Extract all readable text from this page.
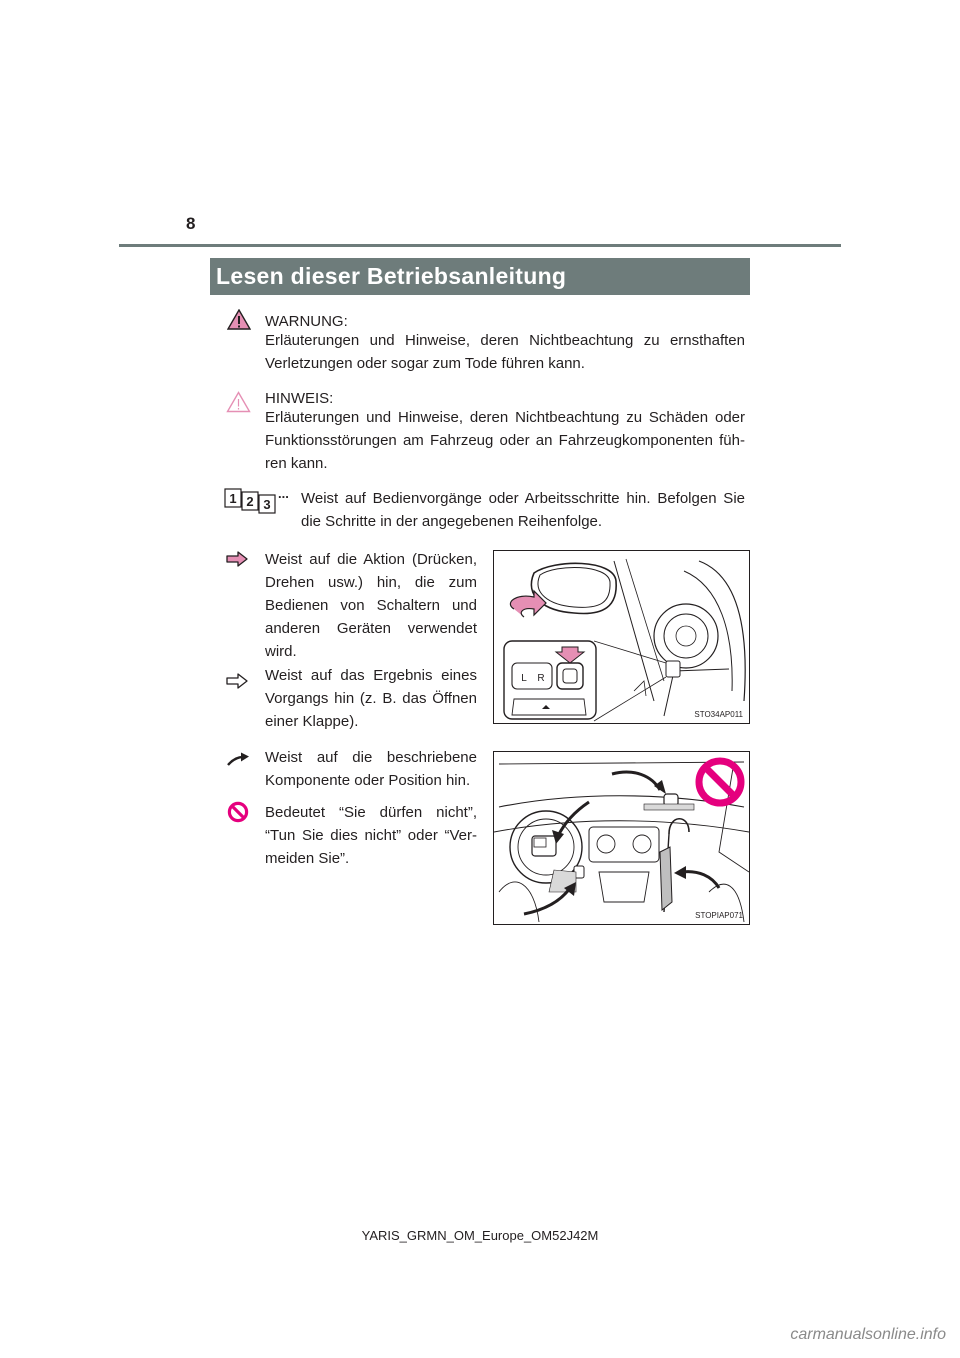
8
Lesen dieser Betriebsanleitung
WARNUNG:
Erläuterungen und Hinweise, deren Nichtbeachtung zu ernsthaften Verletzungen oder sogar zum Tode führen kann.
HINWEIS:
Erläuterungen und Hinweise, deren Nichtbeachtung zu Schäden oder Funktionsstörungen am Fahrzeug oder an Fahrzeugkomponenten füh-ren kann.
1 2 3
... Weist auf Bedienvorgänge oder Arbeitsschritte hin. Befolgen Sie die Schritte in der angegebenen Reihenfolge.
Weist auf die Aktion (Drücken, Drehen usw.) hin, die zum Bedienen von Schaltern und anderen Geräten verwendet wird.
Weist auf das Ergebnis eines Vorgangs hin (z. B. das Öffnen einer Klappe).
Weist auf die beschriebene Komponente oder Position hin.
Bedeutet “Sie dürfen nicht”, “Tun Sie dies nicht” oder “Ver-meiden Sie”.
L R
STO34AP011
STOPIAP071
YARIS_GRMN_OM_Europe_OM52J42M
carmanualsonline.info
